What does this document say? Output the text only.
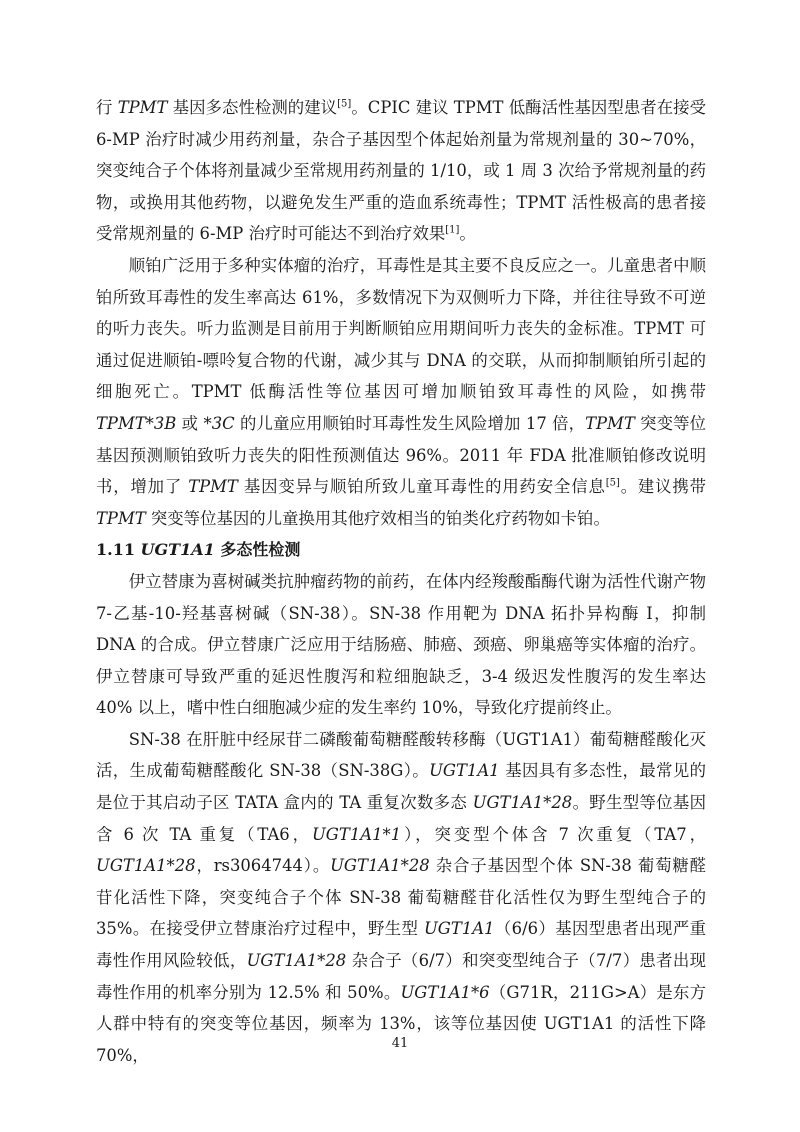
行 TPMT 基因多态性检测的建议[5]。CPIC 建议 TPMT 低酶活性基因型患者在接受 6-MP 治疗时减少用药剂量，杂合子基因型个体起始剂量为常规剂量的 30~70%，突变纯合子个体将剂量减少至常规用药剂量的 1/10，或 1 周 3 次给予常规剂量的药物，或换用其他药物，以避免发生严重的造血系统毒性；TPMT 活性极高的患者接受常规剂量的 6-MP 治疗时可能达不到治疗效果[1]。

顺铂广泛用于多种实体瘤的治疗，耳毒性是其主要不良反应之一。儿童患者中顺铂所致耳毒性的发生率高达 61%，多数情况下为双侧听力下降，并往往导致不可逆的听力丧失。听力监测是目前用于判断顺铂应用期间听力丧失的金标准。TPMT 可通过促进顺铂-嘌呤复合物的代谢，减少其与 DNA 的交联，从而抑制顺铂所引起的细胞死亡。TPMT 低酶活性等位基因可增加顺铂致耳毒性的风险，如携带 TPMT*3B 或 *3C 的儿童应用顺铂时耳毒性发生风险增加 17 倍，TPMT 突变等位基因预测顺铂致听力丧失的阳性预测值达 96%。2011 年 FDA 批准顺铂修改说明书，增加了 TPMT 基因变异与顺铂所致儿童耳毒性的用药安全信息[5]。建议携带 TPMT 突变等位基因的儿童换用其他疗效相当的铂类化疗药物如卡铂。

1.11 UGT1A1 多态性检测

伊立替康为喜树碱类抗肿瘤药物的前药，在体内经羧酸酯酶代谢为活性代谢产物 7-乙基-10-羟基喜树碱（SN-38）。SN-38 作用靶为 DNA 拓扑异构酶 I，抑制 DNA 的合成。伊立替康广泛应用于结肠癌、肺癌、颈癌、卵巢癌等实体瘤的治疗。伊立替康可导致严重的延迟性腹泻和粒细胞缺乏，3-4 级迟发性腹泻的发生率达 40% 以上，嗜中性白细胞减少症的发生率约 10%，导致化疗提前终止。

SN-38 在肝脏中经尿苷二磷酸葡萄糖醛酸转移酶（UGT1A1）葡萄糖醛酸化灭活，生成葡萄糖醛酸化 SN-38（SN-38G）。UGT1A1 基因具有多态性，最常见的是位于其启动子区 TATA 盒内的 TA 重复次数多态 UGT1A1*28。野生型等位基因含 6 次 TA 重复（TA6，UGT1A1*1），突变型个体含 7 次重复（TA7，UGT1A1*28，rs3064744）。UGT1A1*28 杂合子基因型个体 SN-38 葡萄糖醛苷化活性下降，突变纯合子个体 SN-38 葡萄糖醛苷化活性仅为野生型纯合子的 35%。在接受伊立替康治疗过程中，野生型 UGT1A1（6/6）基因型患者出现严重毒性作用风险较低，UGT1A1*28 杂合子（6/7）和突变型纯合子（7/7）患者出现毒性作用的机率分别为 12.5% 和 50%。UGT1A1*6（G71R，211G>A）是东方人群中特有的突变等位基因，频率为 13%，该等位基因使 UGT1A1 的活性下降 70%，

41
